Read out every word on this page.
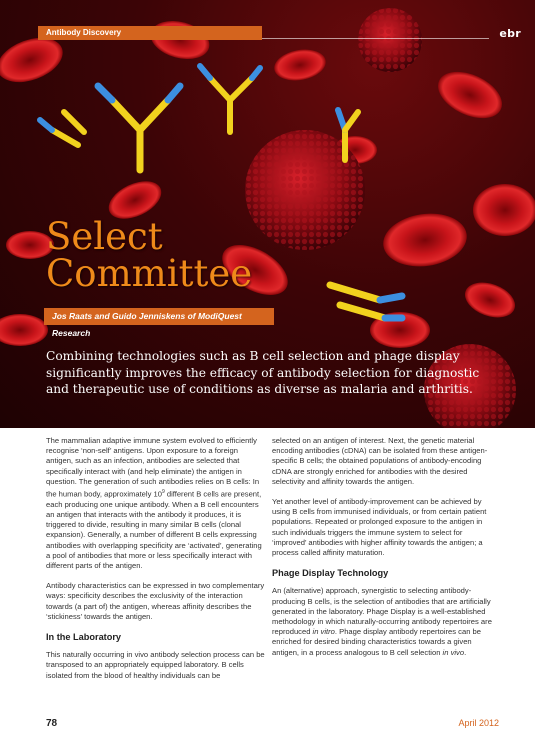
Antibody Discovery	ebr
Select
Committee
Jos Raats and Guido Jenniskens of ModiQuest Research

Combining technologies such as B cell selection and phage display significantly improves the efficacy of antibody selection for diagnostic and therapeutic use of conditions as diverse as malaria and arthritis.

The mammalian adaptive immune system evolved to efficiently recognise ‘non-self’ antigens. Upon exposure to a foreign antigen, such as an infection, antibodies are selected that specifically interact with (and help eliminate) the antigen in question. The generation of such antibodies relies on B cells: In the human body, approximately $10^9$ different B cells are present, each producing one unique antibody. When a B cell encounters an antigen that interacts with the antibody it produces, it is triggered to divide, resulting in many similar B cells (clonal expansion). Generally, a number of different B cells expressing antibodies with overlapping specificity are ‘activated’, generating a pool of antibodies that more or less specifically interact with different parts of the antigen.

Antibody characteristics can be expressed in two complementary ways: specificity describes the exclusivity of the interaction towards (a part of) the antigen, whereas affinity describes the ‘stickiness’ towards the antigen.

In the Laboratory

This naturally occurring in vivo antibody selection process can be transposed to an appropriately equipped laboratory. B cells isolated from the blood of healthy individuals can be

selected on an antigen of interest. Next, the genetic material encoding antibodies (cDNA) can be isolated from these antigen-specific B cells; the obtained populations of antibody-encoding cDNA are strongly enriched for antibodies with the desired selectivity and affinity towards the antigen.

Yet another level of antibody-improvement can be achieved by using B cells from immunised individuals, or from certain patient populations. Repeated or prolonged exposure to the antigen in such individuals triggers the immune system to select for ‘improved’ antibodies with higher affinity towards the antigen; a process called affinity maturation.

Phage Display Technology

An (alternative) approach, synergistic to selecting antibody-producing B cells, is the selection of antibodies that are artificially generated in the laboratory. Phage Display is a well-established methodology in which naturally-occurring antibody repertoires are reproduced in vitro. Phage display antibody repertoires can be enriched for desired binding characteristics towards a given antigen, in a process analogous to B cell selection in vivo.

78	April 2012
